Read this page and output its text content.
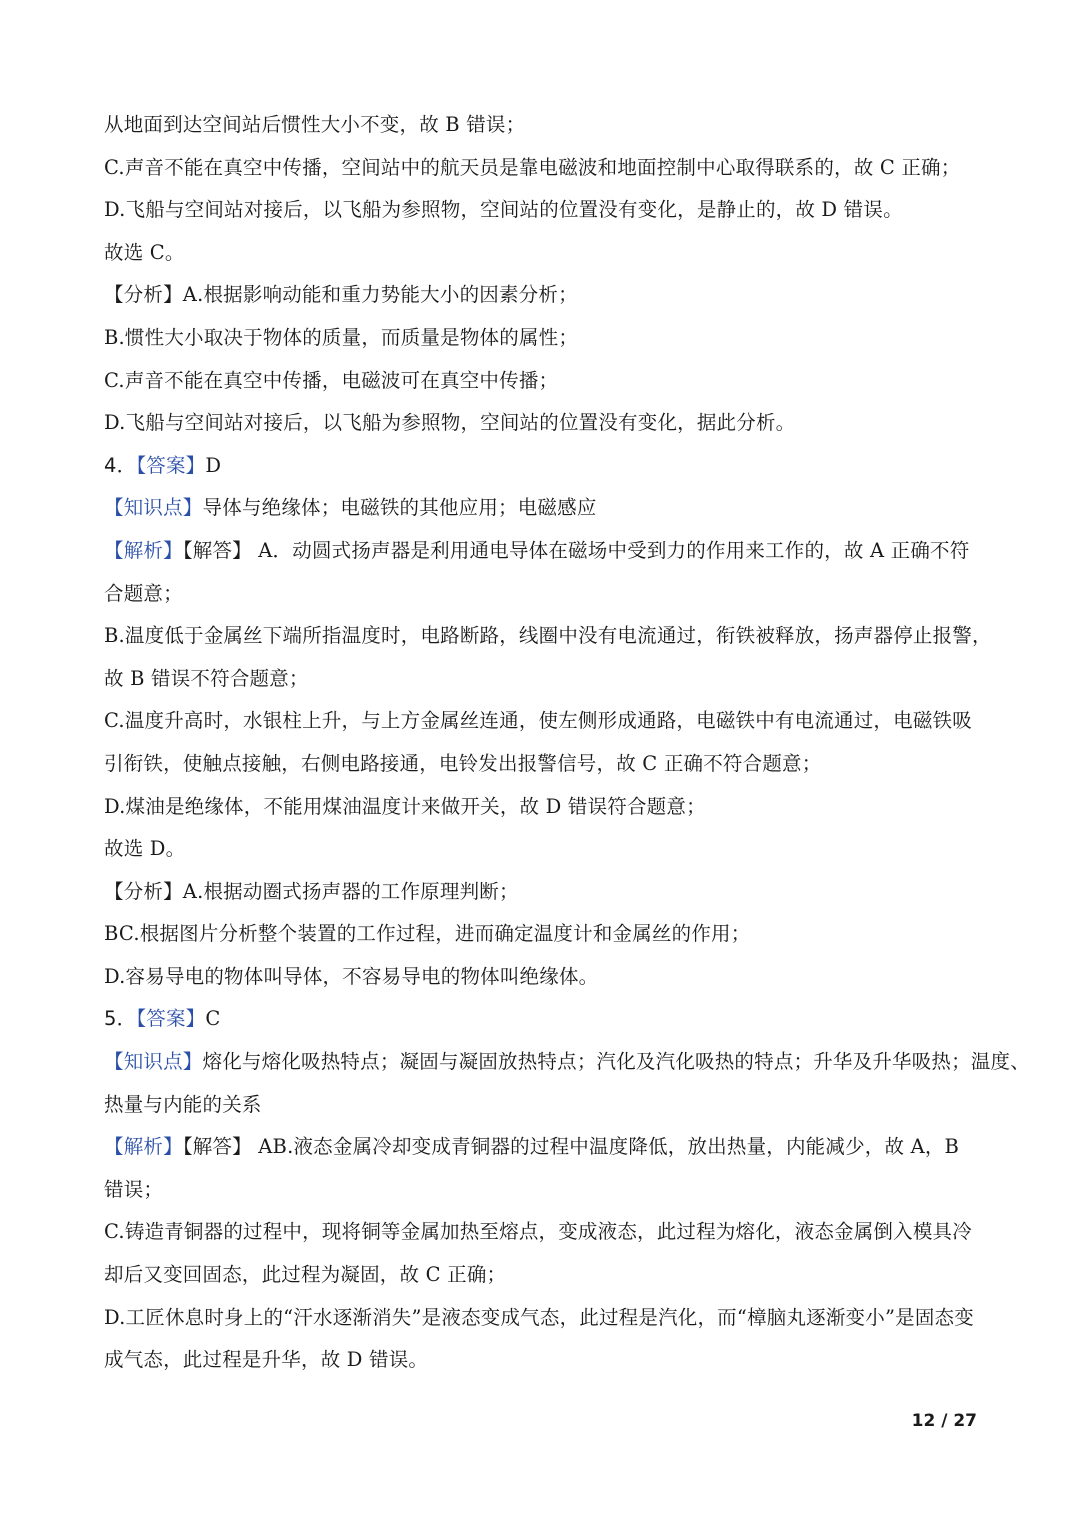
从地面到达空间站后惯性大小不变，故 B 错误；
C.声音不能在真空中传播，空间站中的航天员是靠电磁波和地面控制中心取得联系的，故 C 正确；
D.飞船与空间站对接后，以飞船为参照物，空间站的位置没有变化，是静止的，故 D 错误。
故选 C。
【分析】A.根据影响动能和重力势能大小的因素分析；
B.惯性大小取决于物体的质量，而质量是物体的属性；
C.声音不能在真空中传播，电磁波可在真空中传播；
D.飞船与空间站对接后，以飞船为参照物，空间站的位置没有变化，据此分析。
4．【答案】D
【知识点】导体与绝缘体；电磁铁的其他应用；电磁感应
【解析】【解答】 A．动圆式扬声器是利用通电导体在磁场中受到力的作用来工作的，故 A 正确不符
合题意；
B.温度低于金属丝下端所指温度时，电路断路，线圈中没有电流通过，衔铁被释放，扬声器停止报警，
故 B 错误不符合题意；
C.温度升高时，水银柱上升，与上方金属丝连通，使左侧形成通路，电磁铁中有电流通过，电磁铁吸
引衔铁，使触点接触，右侧电路接通，电铃发出报警信号，故 C 正确不符合题意；
D.煤油是绝缘体，不能用煤油温度计来做开关，故 D 错误符合题意；
故选 D。
【分析】A.根据动圈式扬声器的工作原理判断；
BC.根据图片分析整个装置的工作过程，进而确定温度计和金属丝的作用；
D.容易导电的物体叫导体，不容易导电的物体叫绝缘体。
5．【答案】C
【知识点】熔化与熔化吸热特点；凝固与凝固放热特点；汽化及汽化吸热的特点；升华及升华吸热；温度、
热量与内能的关系
【解析】【解答】 AB.液态金属冷却变成青铜器的过程中温度降低，放出热量，内能减少，故 A，B
错误；
C.铸造青铜器的过程中，现将铜等金属加热至熔点，变成液态，此过程为熔化，液态金属倒入模具冷
却后又变回固态，此过程为凝固，故 C 正确；
D.工匠休息时身上的“汗水逐渐消失”是液态变成气态，此过程是汽化，而“樟脑丸逐渐变小”是固态变
成气态，此过程是升华，故 D 错误。
12 / 27
